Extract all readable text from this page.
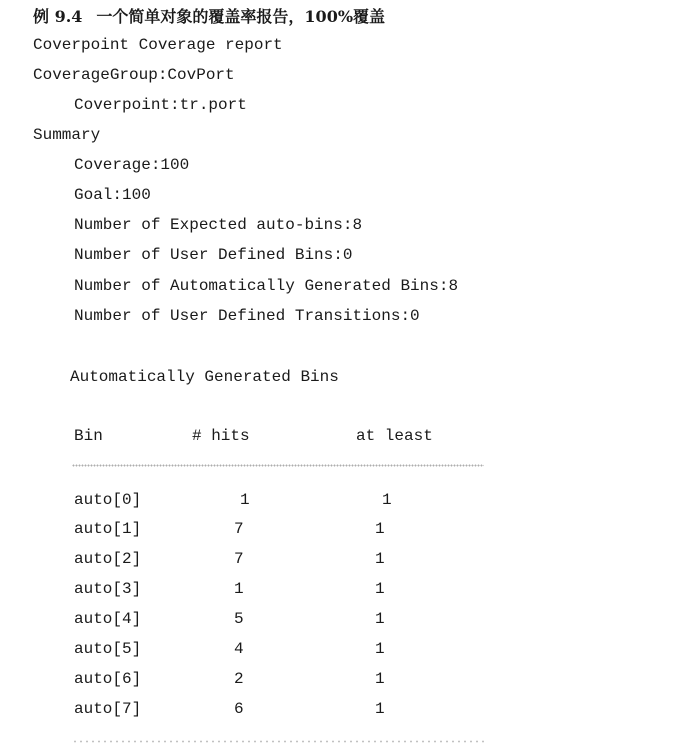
例 9.4 一个简单对象的覆盖率报告，100%覆盖
Coverpoint Coverage report
CoverageGroup:CovPort
Coverpoint:tr.port
Summary
Coverage:100
Goal:100
Number of Expected auto-bins:8
Number of User Defined Bins:0
Number of Automatically Generated Bins:8
Number of User Defined Transitions:0
Automatically Generated Bins
Bin	# hits	at least
auto[0]	1	1
auto[1]	7	1
auto[2]	7	1
auto[3]	1	1
auto[4]	5	1
auto[5]	4	1
auto[6]	2	1
auto[7]	6	1
